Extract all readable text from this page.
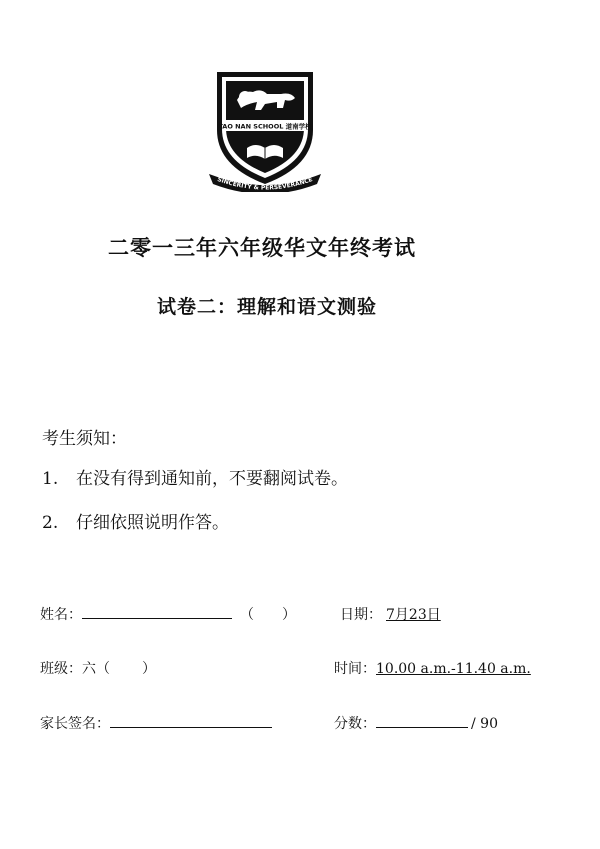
TAO NAN SCHOOL 道南学校
SINCERITY & PERSEVERANCE
二零一三年六年级华文年终考试
试卷二：理解和语文测验
考生须知：
1. 在没有得到通知前，不要翻阅试卷。
2. 仔细依照说明作答。
姓名：	（ ）	日期： 7月23日
班级：六（ ）	时间：10.00 a.m.-11.40 a.m.
家长签名：	分数：	/ 90
